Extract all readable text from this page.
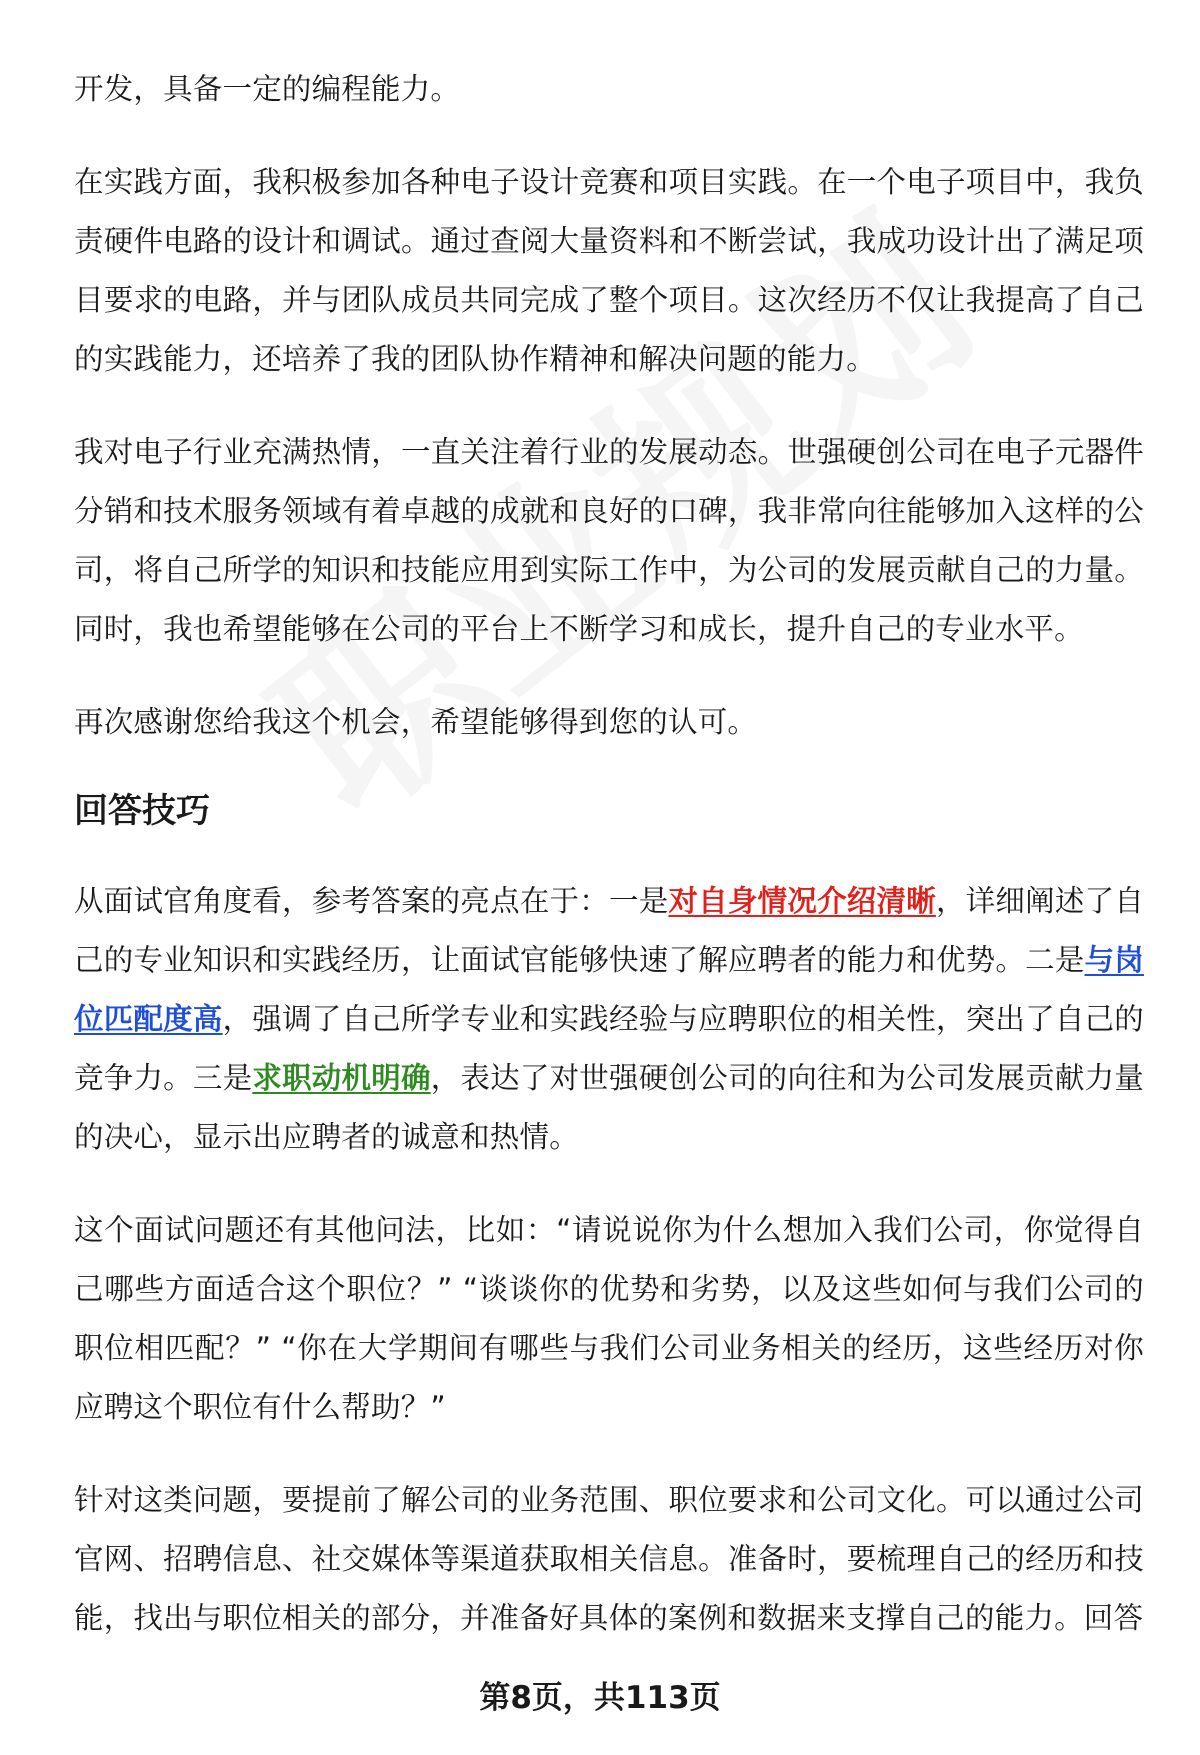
开发，具备一定的编程能力。

在实践方面，我积极参加各种电子设计竞赛和项目实践。在一个电子项目中，我负责硬件电路的设计和调试。通过查阅大量资料和不断尝试，我成功设计出了满足项目要求的电路，并与团队成员共同完成了整个项目。这次经历不仅让我提高了自己的实践能力，还培养了我的团队协作精神和解决问题的能力。

我对电子行业充满热情，一直关注着行业的发展动态。世强硬创公司在电子元器件分销和技术服务领域有着卓越的成就和良好的口碑，我非常向往能够加入这样的公司，将自己所学的知识和技能应用到实际工作中，为公司的发展贡献自己的力量。同时，我也希望能够在公司的平台上不断学习和成长，提升自己的专业水平。

再次感谢您给我这个机会，希望能够得到您的认可。

回答技巧

从面试官角度看，参考答案的亮点在于：一是对自身情况介绍清晰，详细阐述了自己的专业知识和实践经历，让面试官能够快速了解应聘者的能力和优势。二是与岗位匹配度高，强调了自己所学专业和实践经验与应聘职位的相关性，突出了自己的竞争力。三是求职动机明确，表达了对世强硬创公司的向往和为公司发展贡献力量的决心，显示出应聘者的诚意和热情。

这个面试问题还有其他问法，比如：“请说说你为什么想加入我们公司，你觉得自己哪些方面适合这个职位？” “谈谈你的优势和劣势，以及这些如何与我们公司的职位相匹配？” “你在大学期间有哪些与我们公司业务相关的经历，这些经历对你应聘这个职位有什么帮助？”

针对这类问题，要提前了解公司的业务范围、职位要求和公司文化。可以通过公司官网、招聘信息、社交媒体等渠道获取相关信息。准备时，要梳理自己的经历和技能，找出与职位相关的部分，并准备好具体的案例和数据来支撑自己的能力。回答

第8页，共113页
